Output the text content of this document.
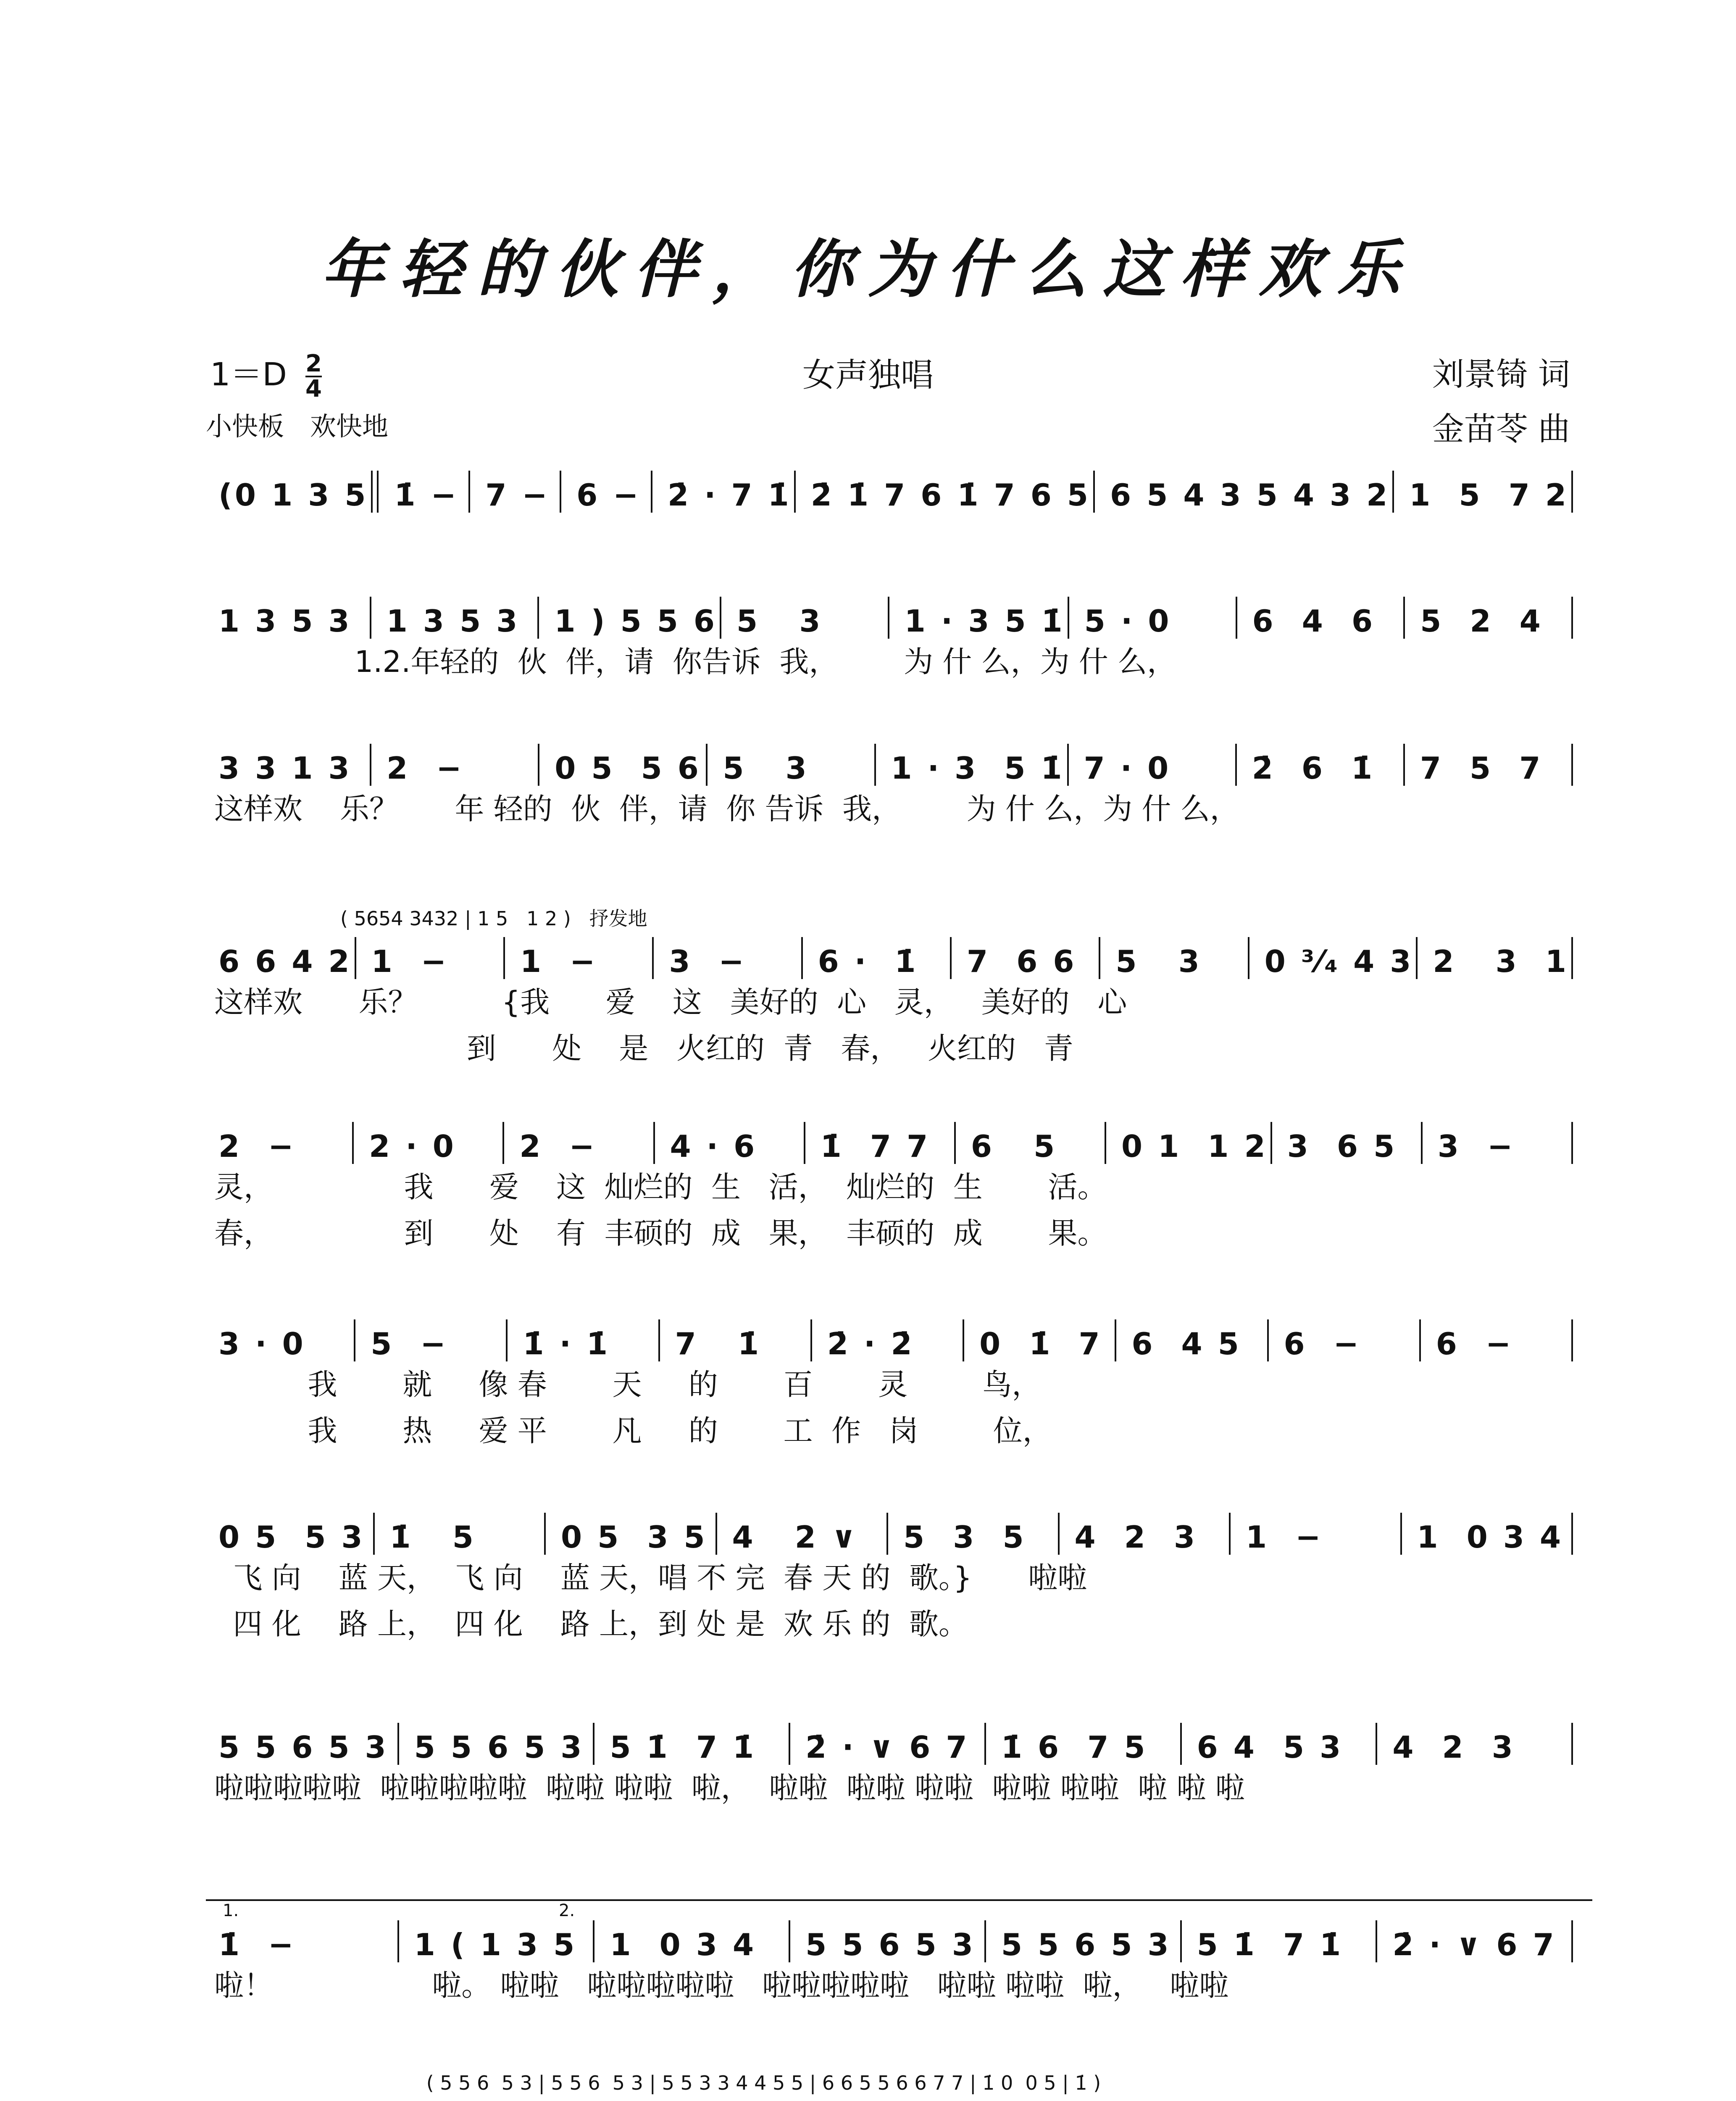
年轻的伙伴，你为什么这样欢乐
$1=D \frac{2}{4}$	女声独唱
小快板　欢快地
刘景锜 词
金苗苓 曲
(0 1 3 5 1̇ − 7 − 6 − 2̇ · 7 1̇ 2̇ 1̇ 7 6 1̇ 7 6 5 6 5 4 3 5 4 3 2 1  5  7 2
1 3 5 3	1 3 5 3	1 ) 5 5 6 5   3	1 · 3 5 1̇ 5 · 0	6  4  6	5  2  4
1.2.年轻的  伙  伴，请  你告诉  我，       为 什 么，为 什 么，
3 3 1 3	2  −	0 5  5 6 5   3	1 · 3  5 1̇ 7 · 0	2̇  6  1̇	7  5  7
这样欢    乐？      年 轻的  伙  伴，请  你 告诉  我，       为 什 么，为 什 么，
( 5654 3432 | 1 5   1 2 )   抒发地
6 6 4 2 1  −	1  −	3  −	6 ·  1̇	7  6 6	5   3	0 ³⁄₄ 4 3 2   3  1
这样欢      乐？         {我      爱    这   美好的  心   灵，   美好的   心
到      处    是   火红的  青   春，   火红的   青
2  −	2 · 0	2  −	4 · 6	1̇  7 7	6   5	0 1  1 2 3  6 5	3  −
灵，              我      爱    这  灿烂的  生   活，  灿烂的  生       活。
春，              到      处    有  丰硕的  成   果，  丰硕的  成       果。
3 · 0	5  −	1̇ · 1̇	7   1̇	2̇ · 2̇	0  1̇  7 6  4 5	6  −	6  −
我       就     像 春       天     的       百       灵        鸟，
我       热     爱 平       凡     的       工  作   岗        位，
0 5  5 3 1̇   5	0 5  3 5 4   2 ∨	5  3  5	4  2  3	1  −	1  0 3 4
飞 向    蓝 天，  飞 向    蓝 天，唱 不 完  春 天 的  歌。}      啦啦
四 化    路 上，  四 化    路 上，到 处 是  欢 乐 的  歌。
5 5 6 5 3 5 5 6 5 3 5 1̇  7 1̇	2̇ · ∨ 6 7	1̇ 6  7 5	6 4  5 3	4  2  3
啦啦啦啦啦  啦啦啦啦啦  啦啦 啦啦  啦，  啦啦  啦啦 啦啦  啦啦 啦啦  啦 啦 啦
1.	2.
1̇  −	1 ( 1 3 5	1  0 3 4	5 5 6 5 3 5 5 6 5 3 5 1̇  7 1̇	2̇ · ∨ 6 7
啦！                 啦。 啦啦   啦啦啦啦啦   啦啦啦啦啦   啦啦 啦啦  啦，   啦啦
( 5 5 6  5 3 | 5 5 6  5 3 | 5 5 3 3 4 4 5 5 | 6 6 5 5 6 6 7 7 | 1̇ 0  0 5 | 1̇ )
